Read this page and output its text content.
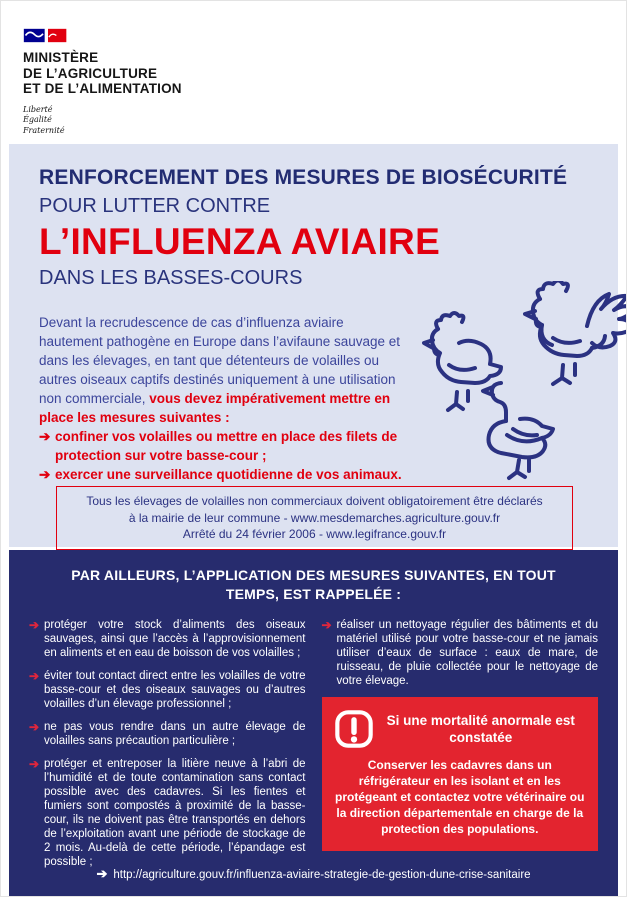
MINISTÈRE
DE L’AGRICULTURE
ET DE L’ALIMENTATION
Liberté
Égalité
Fraternité
RENFORCEMENT DES MESURES DE BIOSÉCURITÉ
POUR LUTTER CONTRE
L’INFLUENZA AVIAIRE
DANS LES BASSES-COURS

Devant la recrudescence de cas d’influenza aviaire hautement pathogène en Europe dans l’avifaune sauvage et dans les élevages, en tant que détenteurs de volailles ou autres oiseaux captifs destinés uniquement à une utilisation non commerciale, vous devez impérativement mettre en place les mesures suivantes :

➔ confiner vos volailles ou mettre en place des filets de protection sur votre basse-cour ;
➔ exercer une surveillance quotidienne de vos animaux.
Tous les élevages de volailles non commerciaux doivent obligatoirement être déclarés
à la mairie de leur commune - www.mesdemarches.agriculture.gouv.fr
Arrêté du 24 février 2006 - www.legifrance.gouv.fr
PAR AILLEURS, L’APPLICATION DES MESURES SUIVANTES, EN TOUT TEMPS, EST RAPPELÉE :
➔ protéger votre stock d’aliments des oiseaux sauvages, ainsi que l’accès à l’approvisionnement en aliments et en eau de boisson de vos volailles ;
➔ éviter tout contact direct entre les volailles de votre basse-cour et des oiseaux sauvages ou d’autres volailles d’un élevage professionnel ;
➔ ne pas vous rendre dans un autre élevage de volailles sans précaution particulière ;
➔ protéger et entreposer la litière neuve à l’abri de l’humidité et de toute contamination sans contact possible avec des cadavres. Si les fientes et fumiers sont compostés à proximité de la basse-cour, ils ne doivent pas être transportés en dehors de l’exploitation avant une période de stockage de 2 mois. Au-delà de cette période, l’épandage est possible ;
➔ réaliser un nettoyage régulier des bâtiments et du matériel utilisé pour votre basse-cour et ne jamais utiliser d’eaux de surface : eaux de mare, de ruisseau, de pluie collectée pour le nettoyage de votre élevage.
Si une mortalité anormale est constatée

Conserver les cadavres dans un réfrigérateur en les isolant et en les protégeant et contactez votre vétérinaire ou la direction départementale en charge de la protection des populations.

➔ http://agriculture.gouv.fr/influenza-aviaire-strategie-de-gestion-dune-crise-sanitaire
